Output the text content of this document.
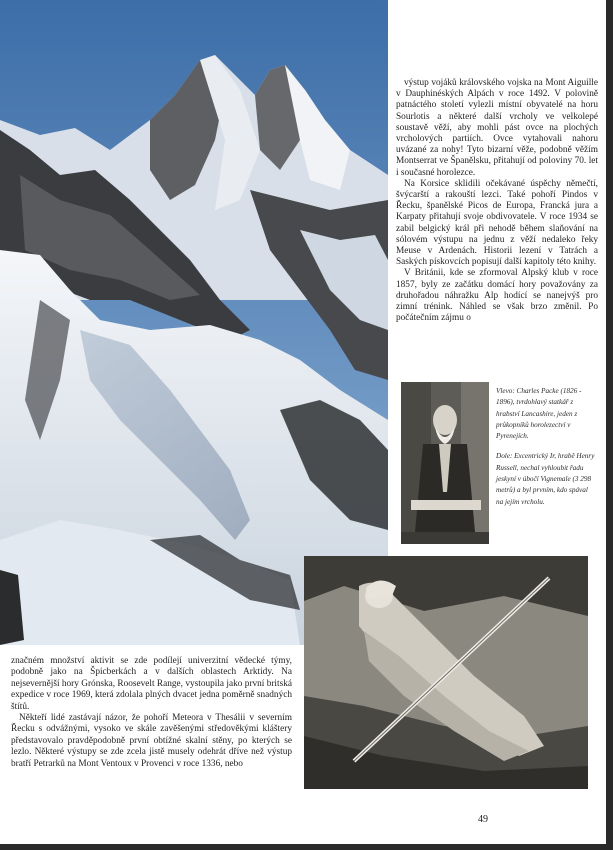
výstup vojáků královského vojska na Mont Aiguille v Dauphinéských Alpách v roce 1492. V polovině patnáctého století vylezli místní obyvatelé na horu Sourlotis a některé další vrcholy ve velkolepé soustavě věží, aby mohli pást ovce na plochých vrcholových partiích. Ovce vytahovali nahoru uvázané za nohy! Tyto bizarní věže, podobně věžím Montserrat ve Španělsku, přitahují od poloviny 70. let i současné horolezce.

Na Korsice sklidili očekávané úspěchy němečtí, švýcarští a rakouští lezci. Také pohoří Pindos v Řecku, španělské Picos de Europa, Francká jura a Karpaty přitahují svoje obdivovatele. V roce 1934 se zabil belgický král při nehodě během slaňování na sólovém výstupu na jednu z věží nedaleko řeky Meuse v Ardenách. Historii lezení v Tatrách a Saských pískovcích popisují další kapitoly této knihy.

V Británii, kde se zformoval Alpský klub v roce 1857, byly ze začátku domácí hory považovány za druhořadou náhražku Alp hodící se nanejvýš pro zimní trénink. Náhled se však brzo změnil. Po počátečním zájmu o

Vlevo: Charles Packe (1826 - 1896), tvrdohlavý statkář z hrabství Lancashire, jeden z průkopníků horolezectví v Pyrenejích.

Dole: Excentrický Ir, hrabě Henry Russell, nechal vyhloubit řadu jeskyní v úbočí Vignemale (3 298 metrů) a byl prvním, kdo spával na jejím vrcholu.

značném množství aktivit se zde podílejí univerzitní vědecké týmy, podobně jako na Špicberkách a v dalších oblastech Arktidy. Na nejsevernější hory Grónska, Roosevelt Range, vystoupila jako první britská expedice v roce 1969, která zdolala plných dvacet jedna poměrně snadných štítů.

Někteří lidé zastávají názor, že pohoří Meteora v Thesálii v severním Řecku s odvážnými, vysoko ve skále zavěšenými středověkými kláštery představovalo pravděpodobně první obtížné skalní stěny, po kterých se lezlo. Některé výstupy se zde zcela jistě musely odehrát dříve než výstup bratří Petrarků na Mont Ventoux v Provenci v roce 1336, nebo

49
